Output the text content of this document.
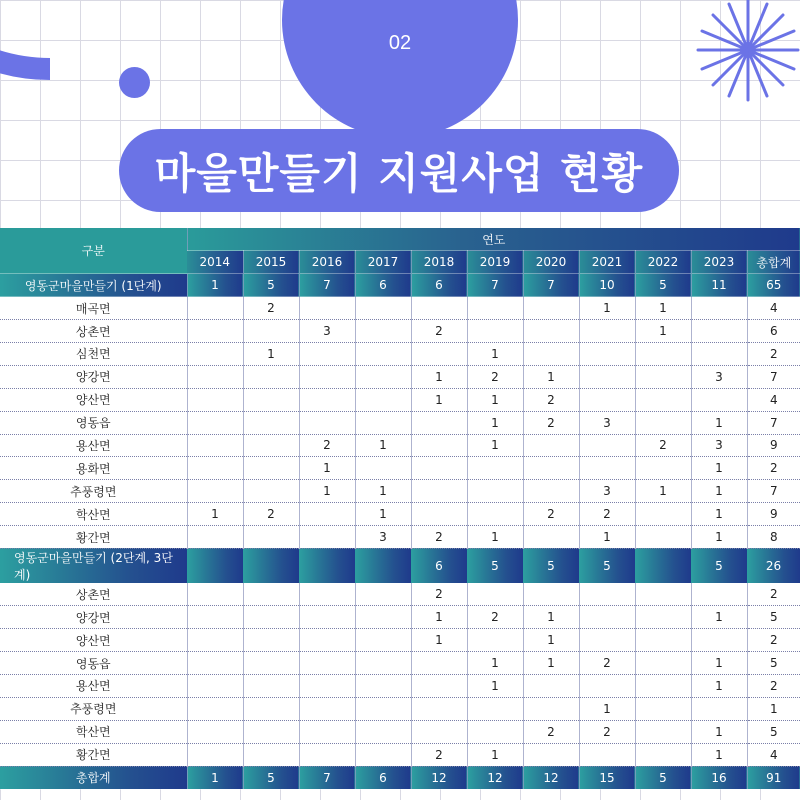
02
마을만들기 지원사업 현황
구분	연도										
	2014	2015	2016	2017	2018	2019	2020	2021	2022	2023	총합계
영동군마을만들기 (1단계)	1	5	7	6	6	7	7	10	5	11	65
매곡면		2						1	1		4
상촌면			3		2				1		6
심천면		1				1					2
양강면					1	2	1			3	7
양산면					1	1	2				4
영동읍						1	2	3		1	7
용산면			2	1		1			2	3	9
용화면			1							1	2
추풍령면			1	1				3	1	1	7
학산면	1	2		1			2	2		1	9
황간면				3	2	1		1		1	8
영동군마을만들기 (2단계, 3단계)					6	5	5	5		5	26
상촌면					2						2
양강면					1	2	1			1	5
양산면					1		1				2
영동읍						1	1	2		1	5
용산면						1				1	2
추풍령면								1			1
학산면							2	2		1	5
황간면					2	1				1	4
총합계	1	5	7	6	12	12	12	15	5	16	91
